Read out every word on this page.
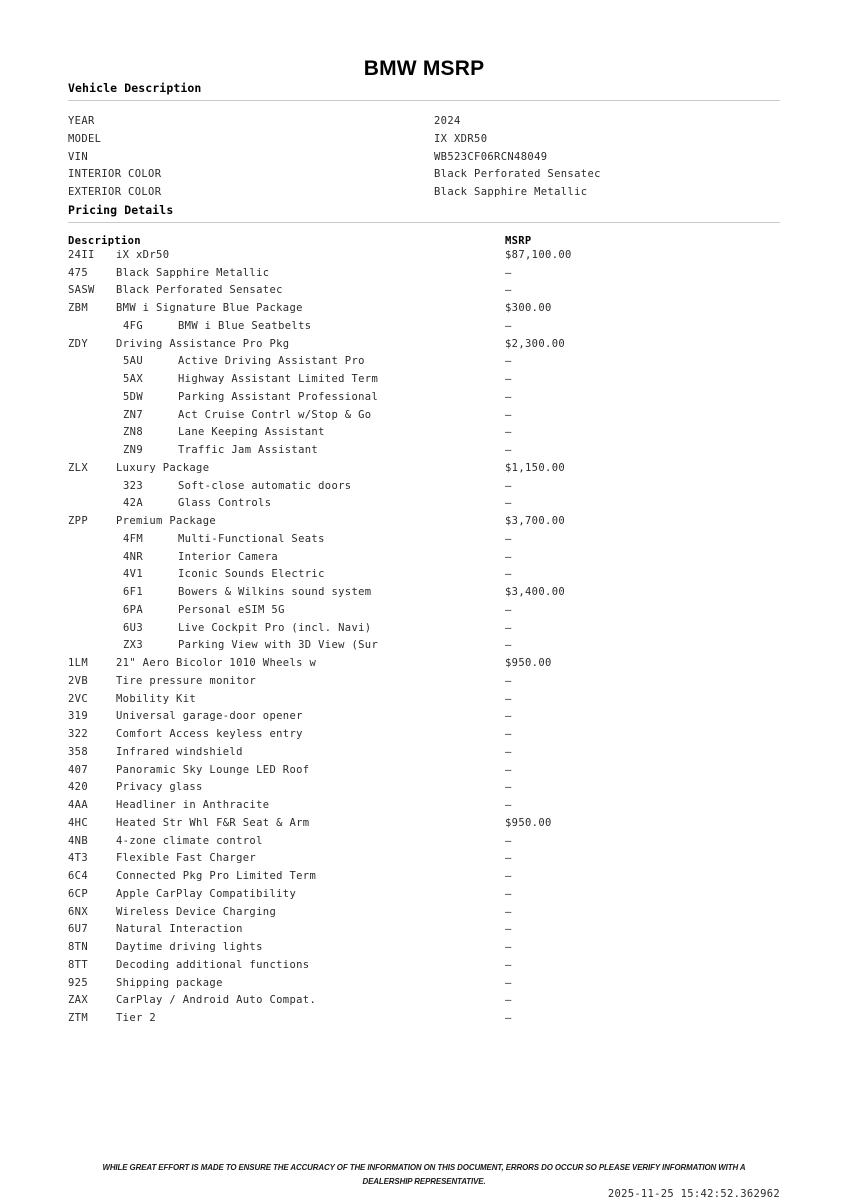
BMW MSRP
Vehicle Description
YEAR	2024
MODEL	IX XDR50
VIN	WB523CF06RCN48049
INTERIOR COLOR	Black Perforated Sensatec
EXTERIOR COLOR	Black Sapphire Metallic
Pricing Details
Description	MSRP
24II	iX xDr50	$87,100.00
475	Black Sapphire Metallic	–
SASW	Black Perforated Sensatec	–
ZBM	BMW i Signature Blue Package	$300.00
4FG	BMW i Blue Seatbelts	–
ZDY	Driving Assistance Pro Pkg	$2,300.00
5AU	Active Driving Assistant Pro	–
5AX	Highway Assistant Limited Term	–
5DW	Parking Assistant Professional	–
ZN7	Act Cruise Contrl w/Stop & Go	–
ZN8	Lane Keeping Assistant	–
ZN9	Traffic Jam Assistant	–
ZLX	Luxury Package	$1,150.00
323	Soft-close automatic doors	–
42A	Glass Controls	–
ZPP	Premium Package	$3,700.00
4FM	Multi-Functional Seats	–
4NR	Interior Camera	–
4V1	Iconic Sounds Electric	–
6F1	Bowers & Wilkins sound system	$3,400.00
6PA	Personal eSIM 5G	–
6U3	Live Cockpit Pro (incl. Navi)	–
ZX3	Parking View with 3D View (Sur	–
1LM	21" Aero Bicolor 1010 Wheels w	$950.00
2VB	Tire pressure monitor	–
2VC	Mobility Kit	–
319	Universal garage-door opener	–
322	Comfort Access keyless entry	–
358	Infrared windshield	–
407	Panoramic Sky Lounge LED Roof	–
420	Privacy glass	–
4AA	Headliner in Anthracite	–
4HC	Heated Str Whl F&R Seat & Arm	$950.00
4NB	4-zone climate control	–
4T3	Flexible Fast Charger	–
6C4	Connected Pkg Pro Limited Term	–
6CP	Apple CarPlay Compatibility	–
6NX	Wireless Device Charging	–
6U7	Natural Interaction	–
8TN	Daytime driving lights	–
8TT	Decoding additional functions	–
925	Shipping package	–
ZAX	CarPlay / Android Auto Compat.	–
ZTM	Tier 2	–
WHILE GREAT EFFORT IS MADE TO ENSURE THE ACCURACY OF THE INFORMATION ON THIS DOCUMENT, ERRORS DO OCCUR SO PLEASE VERIFY INFORMATION WITH A DEALERSHIP REPRESENTATIVE.
2025-11-25 15:42:52.362962
